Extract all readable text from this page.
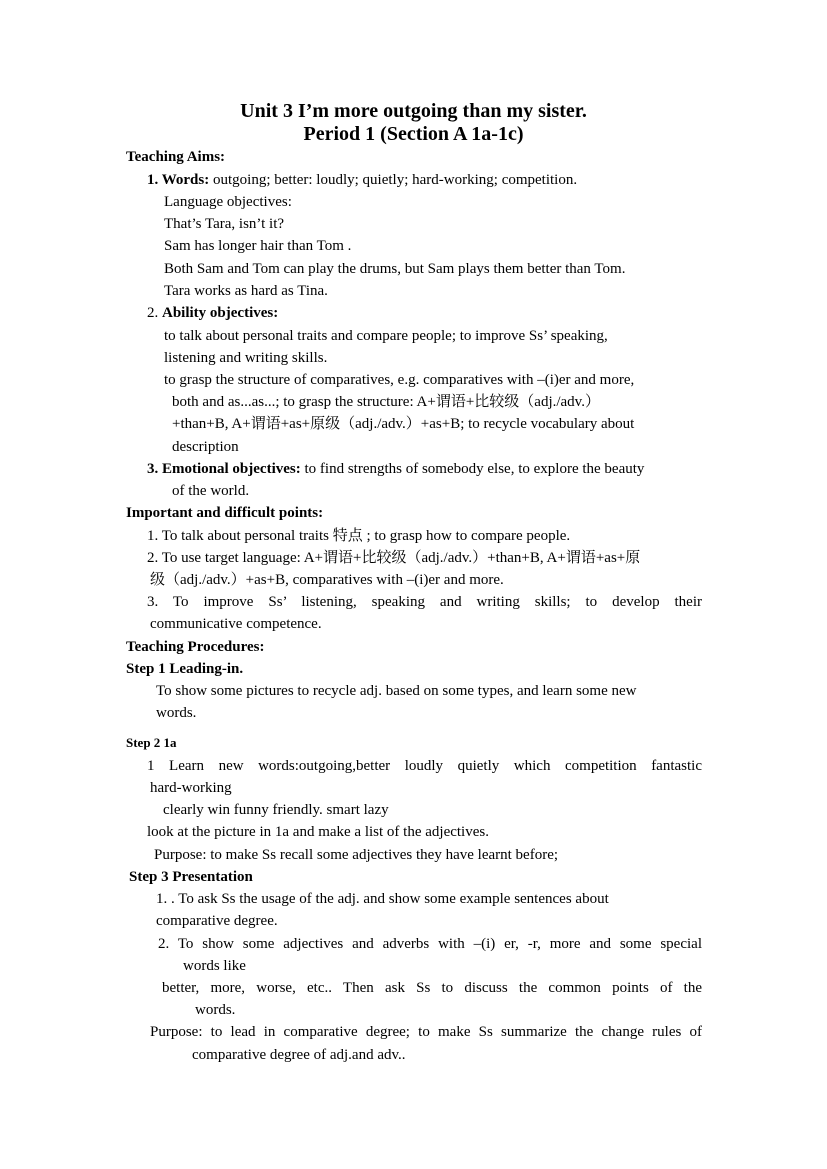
Unit 3 I’m more outgoing than my sister.
Period 1 (Section A 1a-1c)
Teaching Aims:
1. Words: outgoing; better: loudly; quietly; hard-working; competition.
Language objectives:
That’s Tara, isn’t it?
Sam has longer hair than Tom .
Both Sam and Tom can play the drums, but Sam plays them better than Tom.
Tara works as hard as Tina.
2. Ability objectives:
to talk about personal traits and compare people; to improve Ss’ speaking,
listening and writing skills.
to grasp the structure of comparatives, e.g. comparatives with –(i)er and more,
both and as...as...; to grasp the structure: A+谓语+比较级（adj./adv.）
+than+B, A+谓语+as+原级（adj./adv.）+as+B; to recycle vocabulary about
description
3. Emotional objectives: to find strengths of somebody else, to explore the beauty
of the world.
Important and difficult points:
1. To talk about personal traits 特点 ; to grasp how to compare people.
2. To use target language: A+谓语+比较级（adj./adv.）+than+B, A+谓语+as+原
级（adj./adv.）+as+B, comparatives with –(i)er and more.
3. To improve Ss’ listening, speaking and writing skills; to develop their
communicative competence.
Teaching Procedures:
Step 1 Leading-in.
To show some pictures to recycle adj. based on some types, and learn some new
words.
Step 2 1a
1 Learn new words:outgoing,better loudly quietly which competition fantastic
hard-working
clearly win funny friendly. smart lazy
look at the picture in 1a and make a list of the adjectives.
Purpose: to make Ss recall some adjectives they have learnt before;
Step 3 Presentation
1. . To ask Ss the usage of the adj. and show some example sentences about
comparative degree.
2. To show some adjectives and adverbs with –(i) er, -r, more and some special
words like
better, more, worse, etc.. Then ask Ss to discuss the common points of the
words.
Purpose: to lead in comparative degree; to make Ss summarize the change rules of
comparative degree of adj.and adv..
